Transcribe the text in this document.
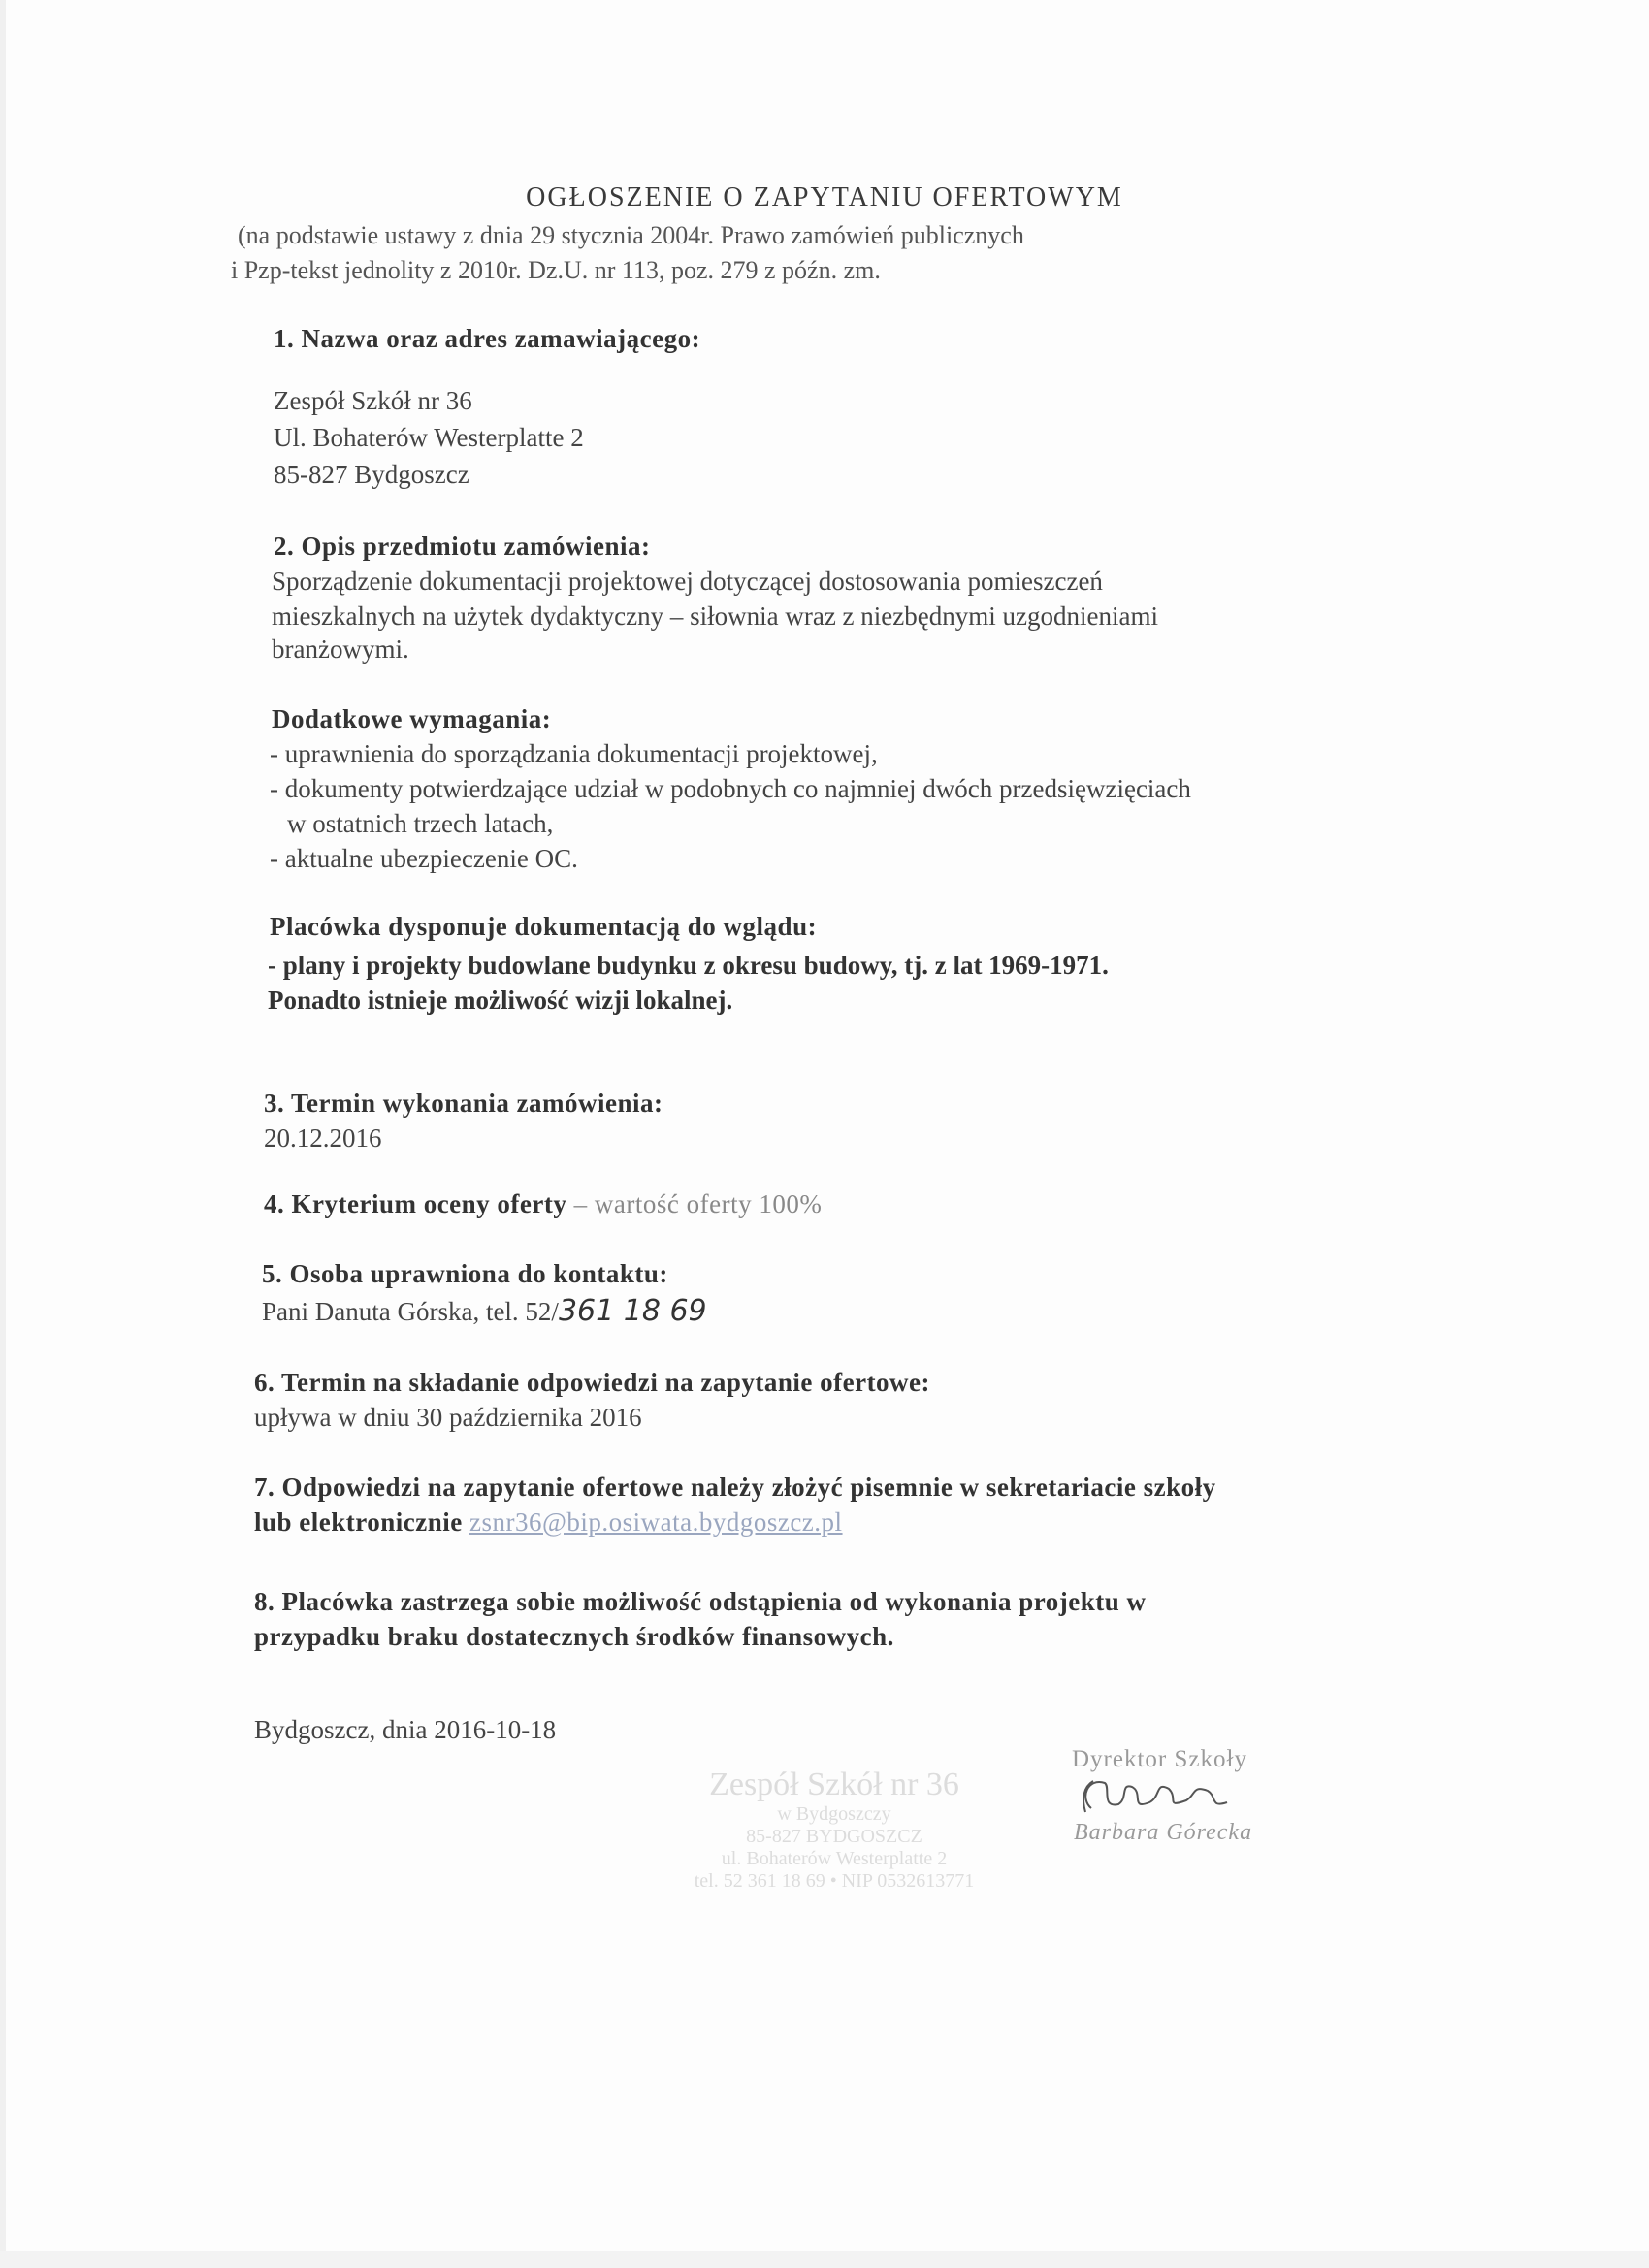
OGŁOSZENIE O ZAPYTANIU OFERTOWYM
(na podstawie ustawy z dnia 29 stycznia 2004r. Prawo zamówień publicznych
i Pzp-tekst jednolity z 2010r. Dz.U. nr 113, poz. 279 z późn. zm.
1. Nazwa oraz adres zamawiającego:
Zespół Szkół nr 36
Ul. Bohaterów Westerplatte 2
85-827 Bydgoszcz
2. Opis przedmiotu zamówienia:
Sporządzenie dokumentacji projektowej dotyczącej dostosowania pomieszczeń
mieszkalnych na użytek dydaktyczny – siłownia wraz z niezbędnymi uzgodnieniami
branżowymi.
Dodatkowe wymagania:
- uprawnienia do sporządzania dokumentacji projektowej,
- dokumenty potwierdzające udział w podobnych co najmniej dwóch przedsięwzięciach
w ostatnich trzech latach,
- aktualne ubezpieczenie OC.
Placówka dysponuje dokumentacją do wglądu:
- plany i projekty budowlane budynku z okresu budowy, tj. z lat 1969-1971.
Ponadto istnieje możliwość wizji lokalnej.
3. Termin wykonania zamówienia:
20.12.2016
4. Kryterium oceny oferty – wartość oferty 100%
5. Osoba uprawniona do kontaktu:
Pani Danuta Górska, tel. 52/361 18 69
6. Termin na składanie odpowiedzi na zapytanie ofertowe:
upływa w dniu 30 października 2016
7. Odpowiedzi na zapytanie ofertowe należy złożyć pisemnie w sekretariacie szkoły
lub elektronicznie zsnr36@bip.osiwata.bydgoszcz.pl
8. Placówka zastrzega sobie możliwość odstąpienia od wykonania projektu w
przypadku braku dostatecznych środków finansowych.
Bydgoszcz, dnia 2016-10-18
Zespół Szkół nr 36
w Bydgoszczy
85-827 BYDGOSZCZ
ul. Bohaterów Westerplatte 2
tel. 52 361 18 69 • NIP 0532613771
Dyrektor Szkoły
Barbara Górecka
